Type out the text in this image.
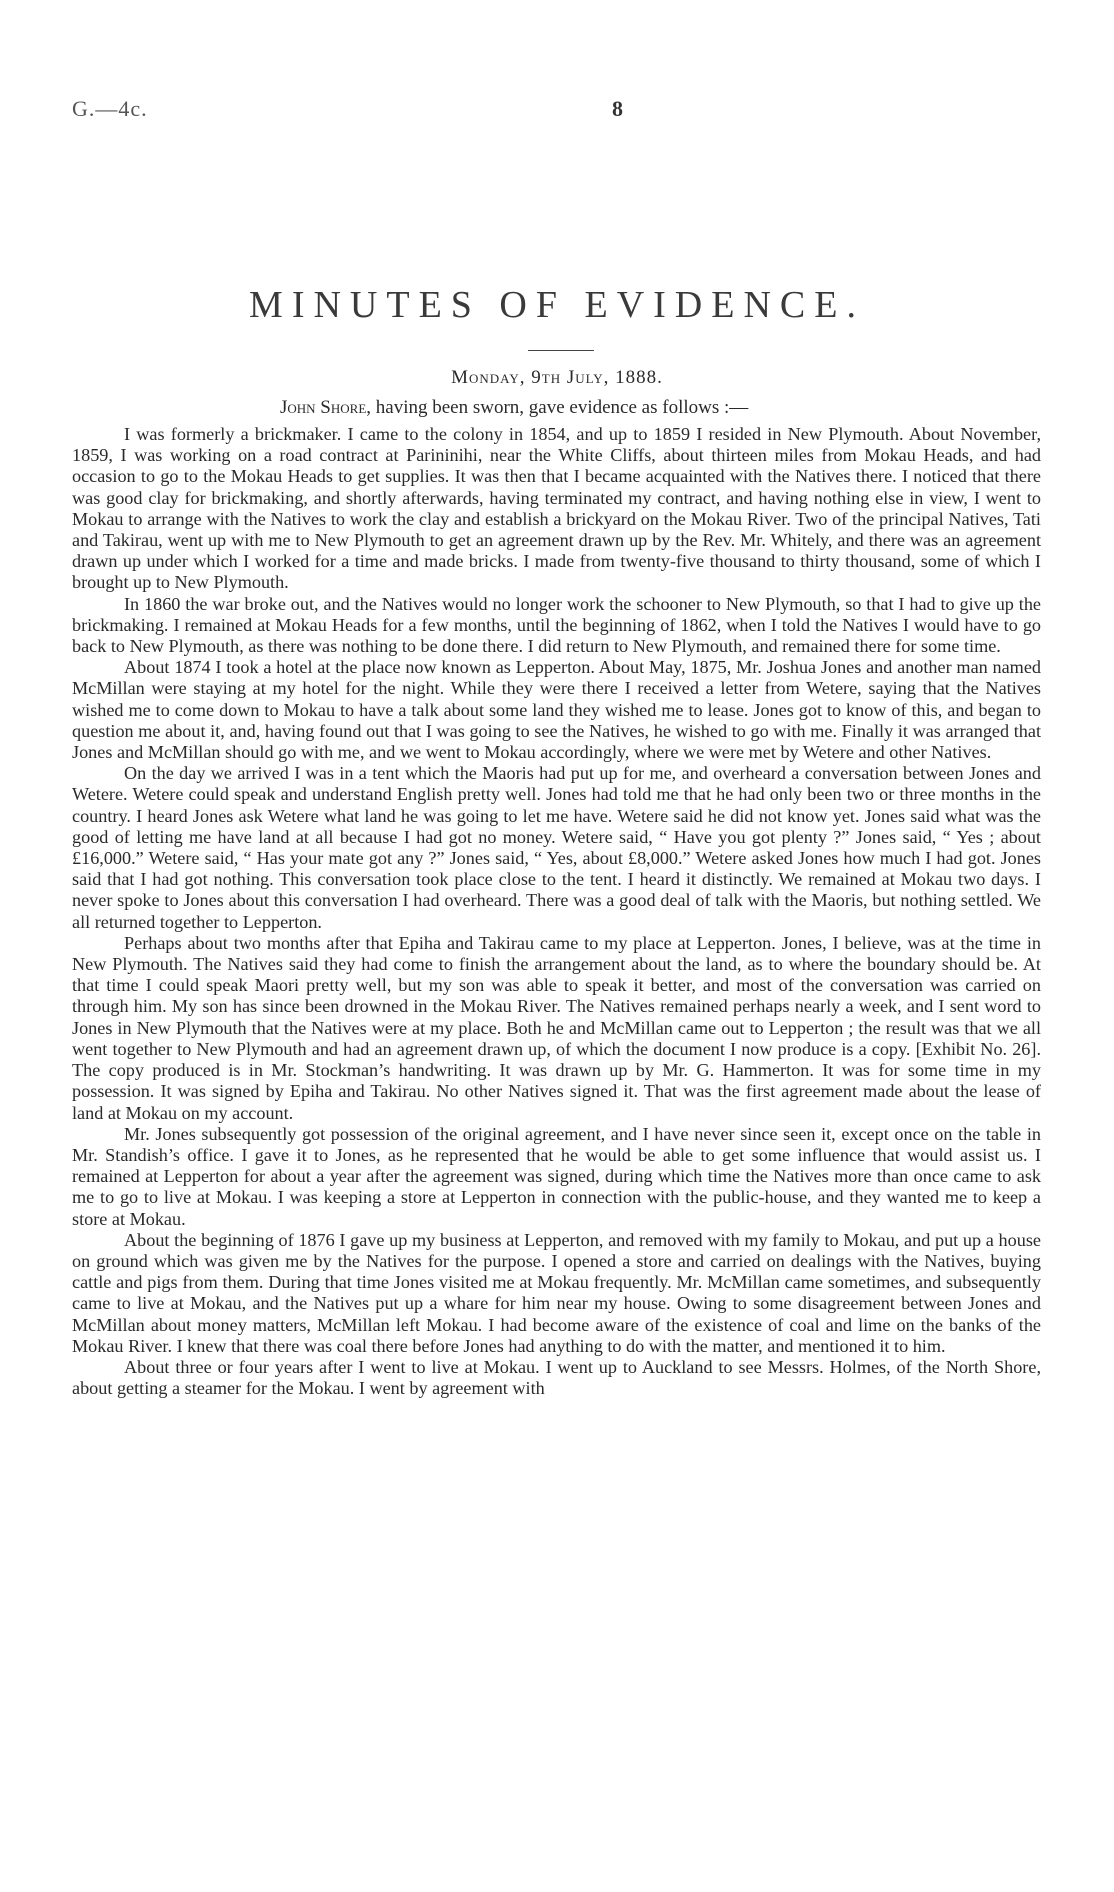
G.—4c.	8
MINUTES OF EVIDENCE.
Monday, 9th July, 1888.
John Shore, having been sworn, gave evidence as follows :—

I was formerly a brickmaker. I came to the colony in 1854, and up to 1859 I resided in New Plymouth. About November, 1859, I was working on a road contract at Parininihi, near the White Cliffs, about thirteen miles from Mokau Heads, and had occasion to go to the Mokau Heads to get supplies. It was then that I became acquainted with the Natives there. I noticed that there was good clay for brickmaking, and shortly afterwards, having terminated my contract, and having nothing else in view, I went to Mokau to arrange with the Natives to work the clay and establish a brickyard on the Mokau River. Two of the principal Natives, Tati and Takirau, went up with me to New Plymouth to get an agreement drawn up by the Rev. Mr. Whitely, and there was an agreement drawn up under which I worked for a time and made bricks. I made from twenty-five thousand to thirty thousand, some of which I brought up to New Plymouth.

In 1860 the war broke out, and the Natives would no longer work the schooner to New Plymouth, so that I had to give up the brickmaking. I remained at Mokau Heads for a few months, until the beginning of 1862, when I told the Natives I would have to go back to New Plymouth, as there was nothing to be done there. I did return to New Plymouth, and remained there for some time.

About 1874 I took a hotel at the place now known as Lepperton. About May, 1875, Mr. Joshua Jones and another man named McMillan were staying at my hotel for the night. While they were there I received a letter from Wetere, saying that the Natives wished me to come down to Mokau to have a talk about some land they wished me to lease. Jones got to know of this, and began to question me about it, and, having found out that I was going to see the Natives, he wished to go with me. Finally it was arranged that Jones and McMillan should go with me, and we went to Mokau accordingly, where we were met by Wetere and other Natives.

On the day we arrived I was in a tent which the Maoris had put up for me, and overheard a conversation between Jones and Wetere. Wetere could speak and understand English pretty well. Jones had told me that he had only been two or three months in the country. I heard Jones ask Wetere what land he was going to let me have. Wetere said he did not know yet. Jones said what was the good of letting me have land at all because I had got no money. Wetere said, “ Have you got plenty ?” Jones said, “ Yes ; about £16,000.” Wetere said, “ Has your mate got any ?” Jones said, “ Yes, about £8,000.” Wetere asked Jones how much I had got. Jones said that I had got nothing. This conversation took place close to the tent. I heard it distinctly. We remained at Mokau two days. I never spoke to Jones about this conversation I had overheard. There was a good deal of talk with the Maoris, but nothing settled. We all returned together to Lepperton.

Perhaps about two months after that Epiha and Takirau came to my place at Lepperton. Jones, I believe, was at the time in New Plymouth. The Natives said they had come to finish the arrangement about the land, as to where the boundary should be. At that time I could speak Maori pretty well, but my son was able to speak it better, and most of the conversation was carried on through him. My son has since been drowned in the Mokau River. The Natives remained perhaps nearly a week, and I sent word to Jones in New Plymouth that the Natives were at my place. Both he and McMillan came out to Lepperton ; the result was that we all went together to New Plymouth and had an agreement drawn up, of which the document I now produce is a copy. [Exhibit No. 26]. The copy produced is in Mr. Stockman’s handwriting. It was drawn up by Mr. G. Hammerton. It was for some time in my possession. It was signed by Epiha and Takirau. No other Natives signed it. That was the first agreement made about the lease of land at Mokau on my account.

Mr. Jones subsequently got possession of the original agreement, and I have never since seen it, except once on the table in Mr. Standish’s office. I gave it to Jones, as he represented that he would be able to get some influence that would assist us. I remained at Lepperton for about a year after the agreement was signed, during which time the Natives more than once came to ask me to go to live at Mokau. I was keeping a store at Lepperton in connection with the public-house, and they wanted me to keep a store at Mokau.

About the beginning of 1876 I gave up my business at Lepperton, and removed with my family to Mokau, and put up a house on ground which was given me by the Natives for the purpose. I opened a store and carried on dealings with the Natives, buying cattle and pigs from them. During that time Jones visited me at Mokau frequently. Mr. McMillan came sometimes, and subsequently came to live at Mokau, and the Natives put up a whare for him near my house. Owing to some disagreement between Jones and McMillan about money matters, McMillan left Mokau. I had become aware of the existence of coal and lime on the banks of the Mokau River. I knew that there was coal there before Jones had anything to do with the matter, and mentioned it to him.

About three or four years after I went to live at Mokau. I went up to Auckland to see Messrs. Holmes, of the North Shore, about getting a steamer for the Mokau. I went by agreement with
